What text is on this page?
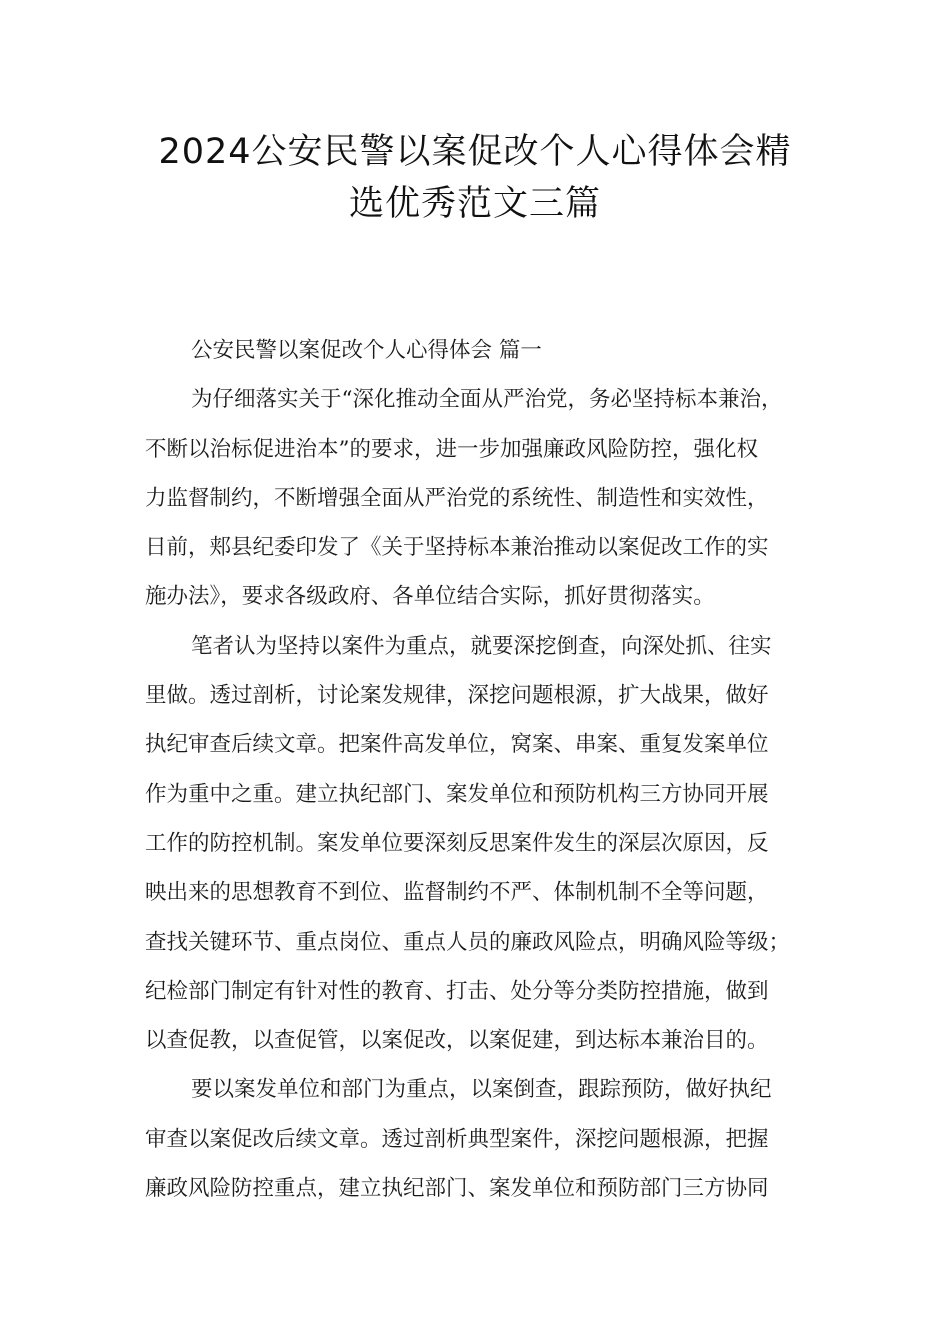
2024公安民警以案促改个人心得体会精
选优秀范文三篇
公安民警以案促改个人心得体会 篇一
为仔细落实关于“深化推动全面从严治党，务必坚持标本兼治，
不断以治标促进治本”的要求，进一步加强廉政风险防控，强化权
力监督制约，不断增强全面从严治党的系统性、制造性和实效性，
日前，郏县纪委印发了《关于坚持标本兼治推动以案促改工作的实
施办法》，要求各级政府、各单位结合实际，抓好贯彻落实。
笔者认为坚持以案件为重点，就要深挖倒查，向深处抓、往实
里做。透过剖析，讨论案发规律，深挖问题根源，扩大战果，做好
执纪审查后续文章。把案件高发单位，窝案、串案、重复发案单位
作为重中之重。建立执纪部门、案发单位和预防机构三方协同开展
工作的防控机制。案发单位要深刻反思案件发生的深层次原因，反
映出来的思想教育不到位、监督制约不严、体制机制不全等问题，
查找关键环节、重点岗位、重点人员的廉政风险点，明确风险等级；
纪检部门制定有针对性的教育、打击、处分等分类防控措施，做到
以查促教，以查促管，以案促改，以案促建，到达标本兼治目的。
要以案发单位和部门为重点，以案倒查，跟踪预防，做好执纪
审查以案促改后续文章。透过剖析典型案件，深挖问题根源，把握
廉政风险防控重点，建立执纪部门、案发单位和预防部门三方协同
